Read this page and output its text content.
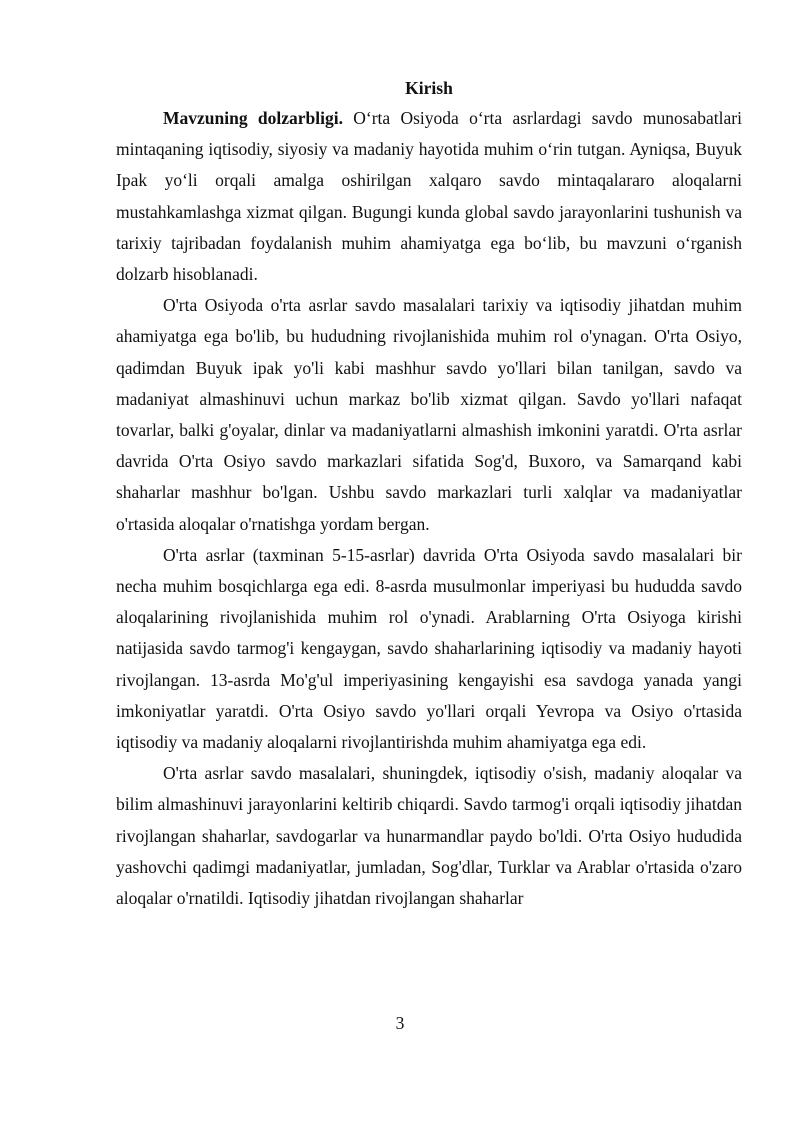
Kirish

Mavzuning dolzarbligi. O‘rta Osiyoda o‘rta asrlardagi savdo munosabatlari mintaqaning iqtisodiy, siyosiy va madaniy hayotida muhim o‘rin tutgan. Ayniqsa, Buyuk Ipak yo‘li orqali amalga oshirilgan xalqaro savdo mintaqalararo aloqalarni mustahkamlashga xizmat qilgan. Bugungi kunda global savdo jarayonlarini tushunish va tarixiy tajribadan foydalanish muhim ahamiyatga ega bo‘lib, bu mavzuni o‘rganish dolzarb hisoblanadi.

O'rta Osiyoda o'rta asrlar savdo masalalari tarixiy va iqtisodiy jihatdan muhim ahamiyatga ega bo'lib, bu hududning rivojlanishida muhim rol o'ynagan. O'rta Osiyo, qadimdan Buyuk ipak yo'li kabi mashhur savdo yo'llari bilan tanilgan, savdo va madaniyat almashinuvi uchun markaz bo'lib xizmat qilgan. Savdo yo'llari nafaqat tovarlar, balki g'oyalar, dinlar va madaniyatlarni almashish imkonini yaratdi. O'rta asrlar davrida O'rta Osiyo savdo markazlari sifatida Sog'd, Buxoro, va Samarqand kabi shaharlar mashhur bo'lgan. Ushbu savdo markazlari turli xalqlar va madaniyatlar o'rtasida aloqalar o'rnatishga yordam bergan.

O'rta asrlar (taxminan 5-15-asrlar) davrida O'rta Osiyoda savdo masalalari bir necha muhim bosqichlarga ega edi. 8-asrda musulmonlar imperiyasi bu hududda savdo aloqalarining rivojlanishida muhim rol o'ynadi. Arablarning O'rta Osiyoga kirishi natijasida savdo tarmog'i kengaygan, savdo shaharlarining iqtisodiy va madaniy hayoti rivojlangan. 13-asrda Mo'g'ul imperiyasining kengayishi esa savdoga yanada yangi imkoniyatlar yaratdi. O'rta Osiyo savdo yo'llari orqali Yevropa va Osiyo o'rtasida iqtisodiy va madaniy aloqalarni rivojlantirishda muhim ahamiyatga ega edi.

O'rta asrlar savdo masalalari, shuningdek, iqtisodiy o'sish, madaniy aloqalar va bilim almashinuvi jarayonlarini keltirib chiqardi. Savdo tarmog'i orqali iqtisodiy jihatdan rivojlangan shaharlar, savdogarlar va hunarmandlar paydo bo'ldi. O'rta Osiyo hududida yashovchi qadimgi madaniyatlar, jumladan, Sog'dlar, Turklar va Arablar o'rtasida o'zaro aloqalar o'rnatildi. Iqtisodiy jihatdan rivojlangan shaharlar

3
